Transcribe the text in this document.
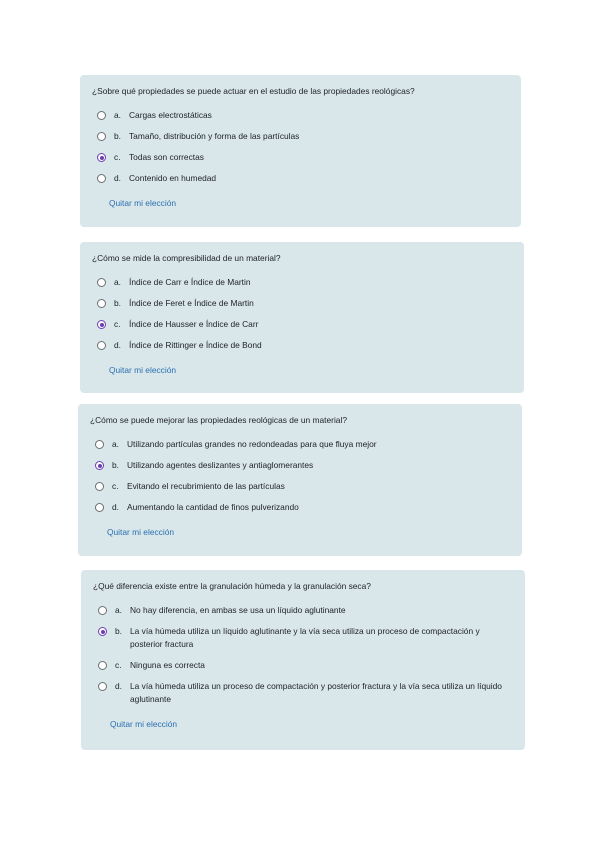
¿Sobre qué propiedades se puede actuar en el estudio de las propiedades reológicas?

a. Cargas electrostáticas
b. Tamaño, distribución y forma de las partículas
c.	Todas son correctas
d. Contenido en humedad
Quitar mi elección

¿Cómo se mide la compresibilidad de un material?

a. Índice de Carr e Índice de Martin
b. Índice de Feret e Índice de Martin
c.	Índice de Hausser e Índice de Carr
d. Índice de Rittinger e Índice de Bond
Quitar mi elección

¿Cómo se puede mejorar las propiedades reológicas de un material?

a. Utilizando partículas grandes no redondeadas para que fluya mejor
b. Utilizando agentes deslizantes y antiaglomerantes
c.	Evitando el recubrimiento de las partículas
d. Aumentando la cantidad de finos pulverizando
Quitar mi elección

¿Qué diferencia existe entre la granulación húmeda y la granulación seca?

a. No hay diferencia, en ambas se usa un líquido aglutinante
b. La vía húmeda utiliza un líquido aglutinante y la vía seca utiliza un proceso de compactación y posterior fractura
c.	Ninguna es correcta
d. La vía húmeda utiliza un proceso de compactación y posterior fractura y la vía seca utiliza un líquido aglutinante
Quitar mi elección
